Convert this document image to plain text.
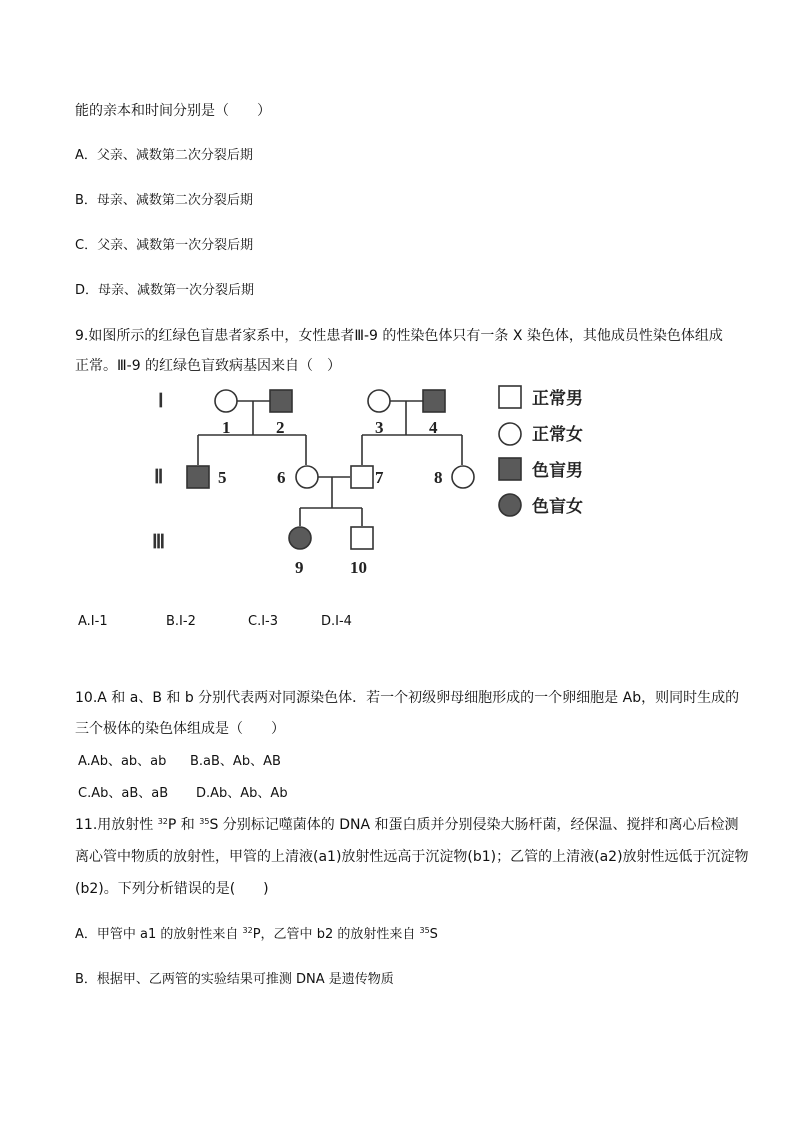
能的亲本和时间分别是（　　）
A．父亲、减数第二次分裂后期
B．母亲、减数第二次分裂后期
C．父亲、减数第一次分裂后期
D．母亲、减数第一次分裂后期
9.如图所示的红绿色盲患者家系中，女性患者Ⅲ-9 的性染色体只有一条 X 染色体，其他成员性染色体组成
正常。Ⅲ-9 的红绿色盲致病基因来自（　）
Ⅰ
Ⅱ
Ⅲ
1	2	3	4
5	6	7	8
9	10
正常男
正常女
色盲男
色盲女
A.Ⅰ-1	B.Ⅰ-2	C.Ⅰ-3	D.Ⅰ-4
10.A 和 a、B 和 b 分别代表两对同源染色体．若一个初级卵母细胞形成的一个卵细胞是 Ab，则同时生成的
三个极体的染色体组成是（　　）
A.Ab、ab、ab B.aB、Ab、AB
C.Ab、aB、aB D.Ab、Ab、Ab
11.用放射性 $^{32}$P 和 $^{35}$S 分别标记噬菌体的 DNA 和蛋白质并分别侵染大肠杆菌，经保温、搅拌和离心后检测
离心管中物质的放射性，甲管的上清液(a1)放射性远高于沉淀物(b1)；乙管的上清液(a2)放射性远低于沉淀物
(b2)。下列分析错误的是(　　)
A．甲管中 a1 的放射性来自 $^{32}$P，乙管中 b2 的放射性来自 $^{35}$S
B．根据甲、乙两管的实验结果可推测 DNA 是遗传物质
